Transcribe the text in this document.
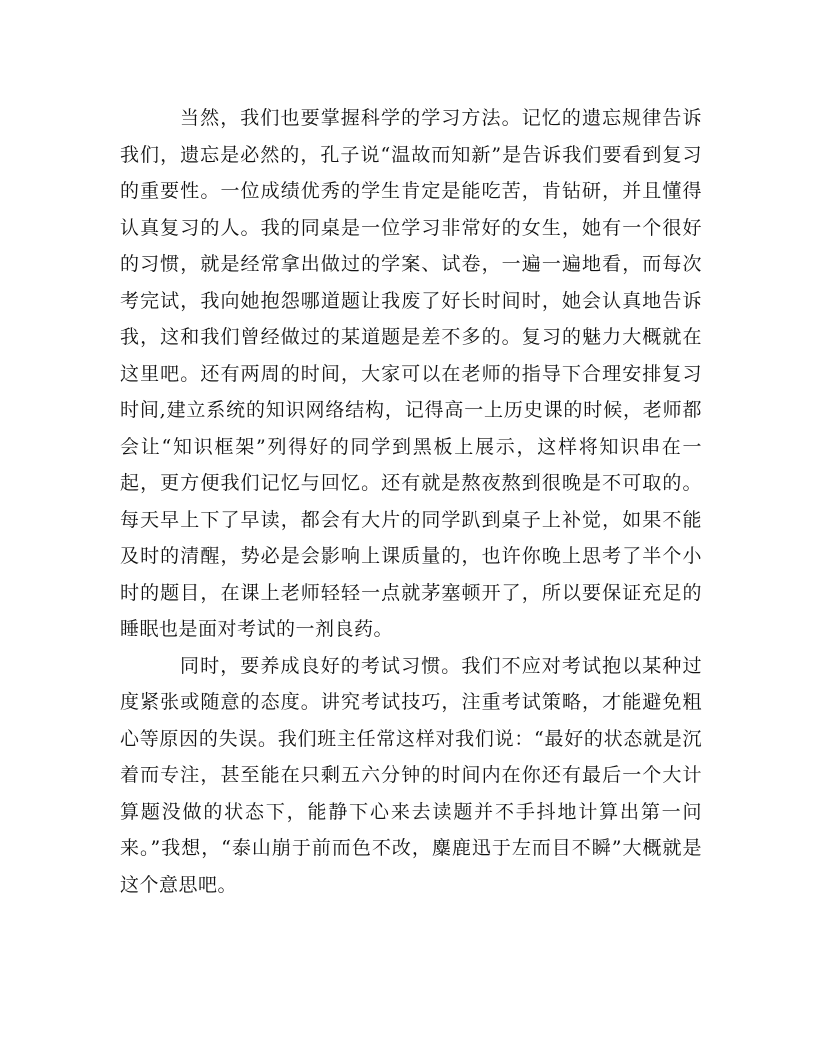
当然，我们也要掌握科学的学习方法。记忆的遗忘规律告诉我们，遗忘是必然的，孔子说“温故而知新”是告诉我们要看到复习的重要性。一位成绩优秀的学生肯定是能吃苦，肯钻研，并且懂得认真复习的人。我的同桌是一位学习非常好的女生，她有一个很好的习惯，就是经常拿出做过的学案、试卷，一遍一遍地看，而每次考完试，我向她抱怨哪道题让我废了好长时间时，她会认真地告诉我，这和我们曾经做过的某道题是差不多的。复习的魅力大概就在这里吧。还有两周的时间，大家可以在老师的指导下合理安排复习时间,建立系统的知识网络结构，记得高一上历史课的时候，老师都会让“知识框架”列得好的同学到黑板上展示，这样将知识串在一起，更方便我们记忆与回忆。还有就是熬夜熬到很晚是不可取的。每天早上下了早读，都会有大片的同学趴到桌子上补觉，如果不能及时的清醒，势必是会影响上课质量的，也许你晚上思考了半个小时的题目，在课上老师轻轻一点就茅塞顿开了，所以要保证充足的睡眠也是面对考试的一剂良药。

同时，要养成良好的考试习惯。我们不应对考试抱以某种过度紧张或随意的态度。讲究考试技巧，注重考试策略，才能避免粗心等原因的失误。我们班主任常这样对我们说：“最好的状态就是沉着而专注，甚至能在只剩五六分钟的时间内在你还有最后一个大计算题没做的状态下，能静下心来去读题并不手抖地计算出第一问来。”我想，“泰山崩于前而色不改，麋鹿迅于左而目不瞬”大概就是这个意思吧。
